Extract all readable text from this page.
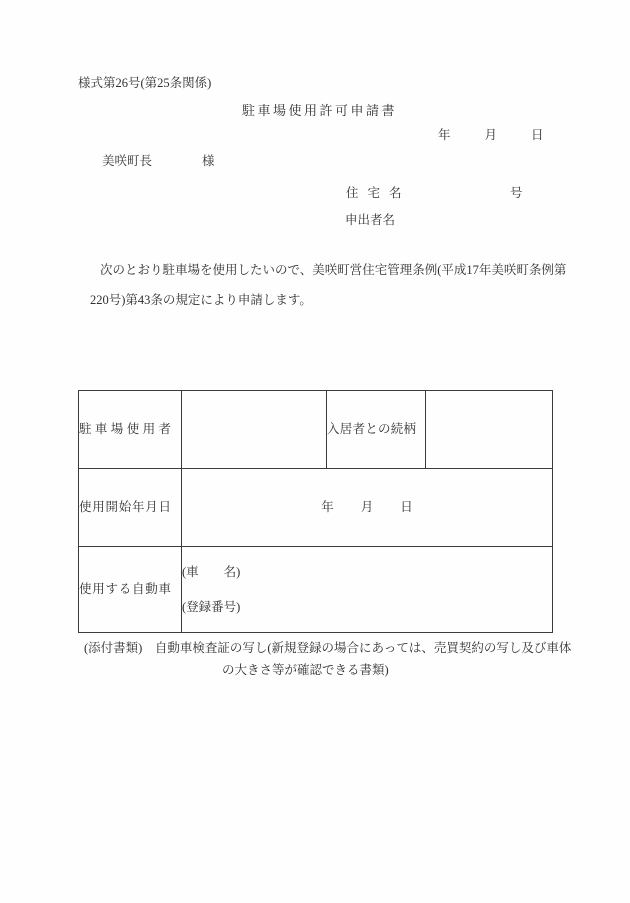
様式第26号(第25条関係)
駐車場使用許可申請書
年	月	日
美咲町長	様
住宅名	号
申出者名
次のとおり駐車場を使用したいので、美咲町営住宅管理条例(平成17年美咲町条例第
220号)第43条の規定により申請します。
駐車場使用者		入居者との続柄	
使用開始年月日	年 月 日		

使用する自動車	(車　　名)
(登録番号)		
(添付書類)　自動車検査証の写し(新規登録の場合にあっては、売買契約の写し及び車体
の大きさ等が確認できる書類)
